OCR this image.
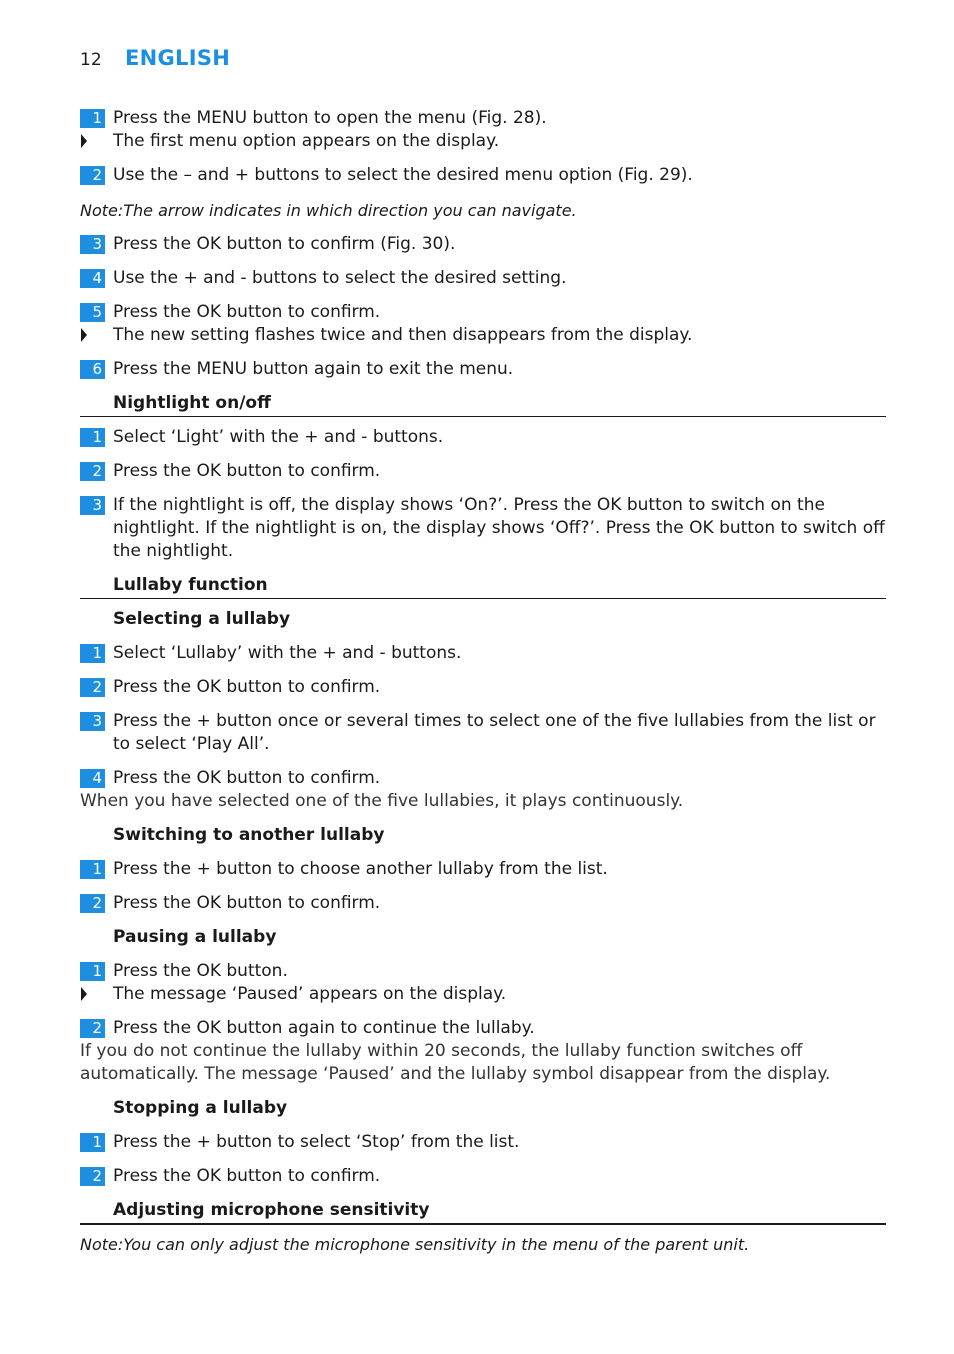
12 ENGLISH
1 Press the MENU button to open the menu (Fig. 28).
The first menu option appears on the display.
2 Use the – and + buttons to select the desired menu option (Fig. 29).
Note:The arrow indicates in which direction you can navigate.
3 Press the OK button to confirm (Fig. 30).
4 Use the + and - buttons to select the desired setting.
5 Press the OK button to confirm.
The new setting flashes twice and then disappears from the display.
6 Press the MENU button again to exit the menu.
Nightlight on/off
1 Select ‘Light’ with the + and - buttons.
2 Press the OK button to confirm.
3 If the nightlight is off, the display shows ‘On?’. Press the OK button to switch on the nightlight. If the nightlight is on, the display shows ‘Off?’. Press the OK button to switch off the nightlight.
Lullaby function
Selecting a lullaby
1 Select ‘Lullaby’ with the + and - buttons.
2 Press the OK button to confirm.
3 Press the + button once or several times to select one of the five lullabies from the list or to select ‘Play All’.
4 Press the OK button to confirm.
When you have selected one of the five lullabies, it plays continuously.
Switching to another lullaby
1 Press the + button to choose another lullaby from the list.
2 Press the OK button to confirm.
Pausing a lullaby
1 Press the OK button.
The message ‘Paused’ appears on the display.
2 Press the OK button again to continue the lullaby.
If you do not continue the lullaby within 20 seconds, the lullaby function switches off automatically. The message ‘Paused’ and the lullaby symbol disappear from the display.
Stopping a lullaby
1 Press the + button to select ‘Stop’ from the list.
2 Press the OK button to confirm.
Adjusting microphone sensitivity
Note:You can only adjust the microphone sensitivity in the menu of the parent unit.
